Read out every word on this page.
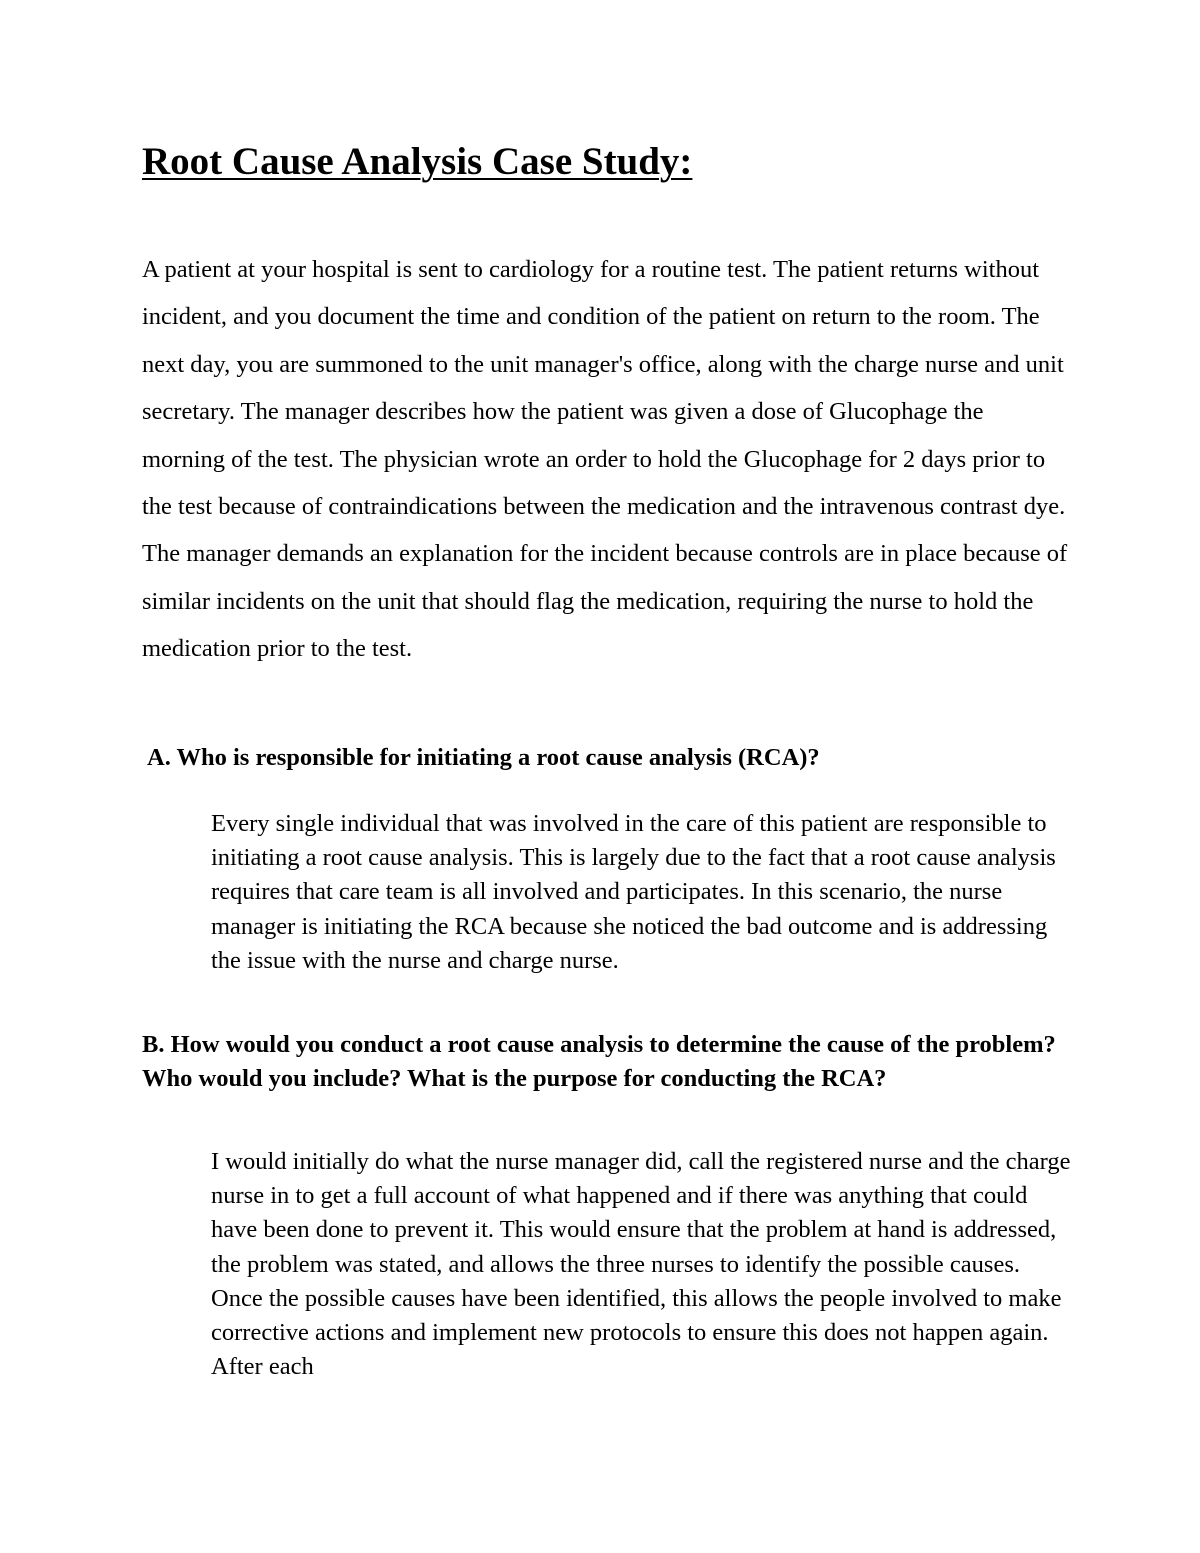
Root Cause Analysis Case Study:

A patient at your hospital is sent to cardiology for a routine test. The patient returns without incident, and you document the time and condition of the patient on return to the room. The next day, you are summoned to the unit manager's office, along with the charge nurse and unit secretary. The manager describes how the patient was given a dose of Glucophage the morning of the test. The physician wrote an order to hold the Glucophage for 2 days prior to the test because of contraindications between the medication and the intravenous contrast dye. The manager demands an explanation for the incident because controls are in place because of similar incidents on the unit that should flag the medication, requiring the nurse to hold the medication prior to the test.

A. Who is responsible for initiating a root cause analysis (RCA)?

Every single individual that was involved in the care of this patient are responsible to initiating a root cause analysis. This is largely due to the fact that a root cause analysis requires that care team is all involved and participates. In this scenario, the nurse manager is initiating the RCA because she noticed the bad outcome and is addressing the issue with the nurse and charge nurse.

B. How would you conduct a root cause analysis to determine the cause of the problem? Who would you include? What is the purpose for conducting the RCA?

I would initially do what the nurse manager did, call the registered nurse and the charge nurse in to get a full account of what happened and if there was anything that could have been done to prevent it. This would ensure that the problem at hand is addressed, the problem was stated, and allows the three nurses to identify the possible causes. Once the possible causes have been identified, this allows the people involved to make corrective actions and implement new protocols to ensure this does not happen again. After each
